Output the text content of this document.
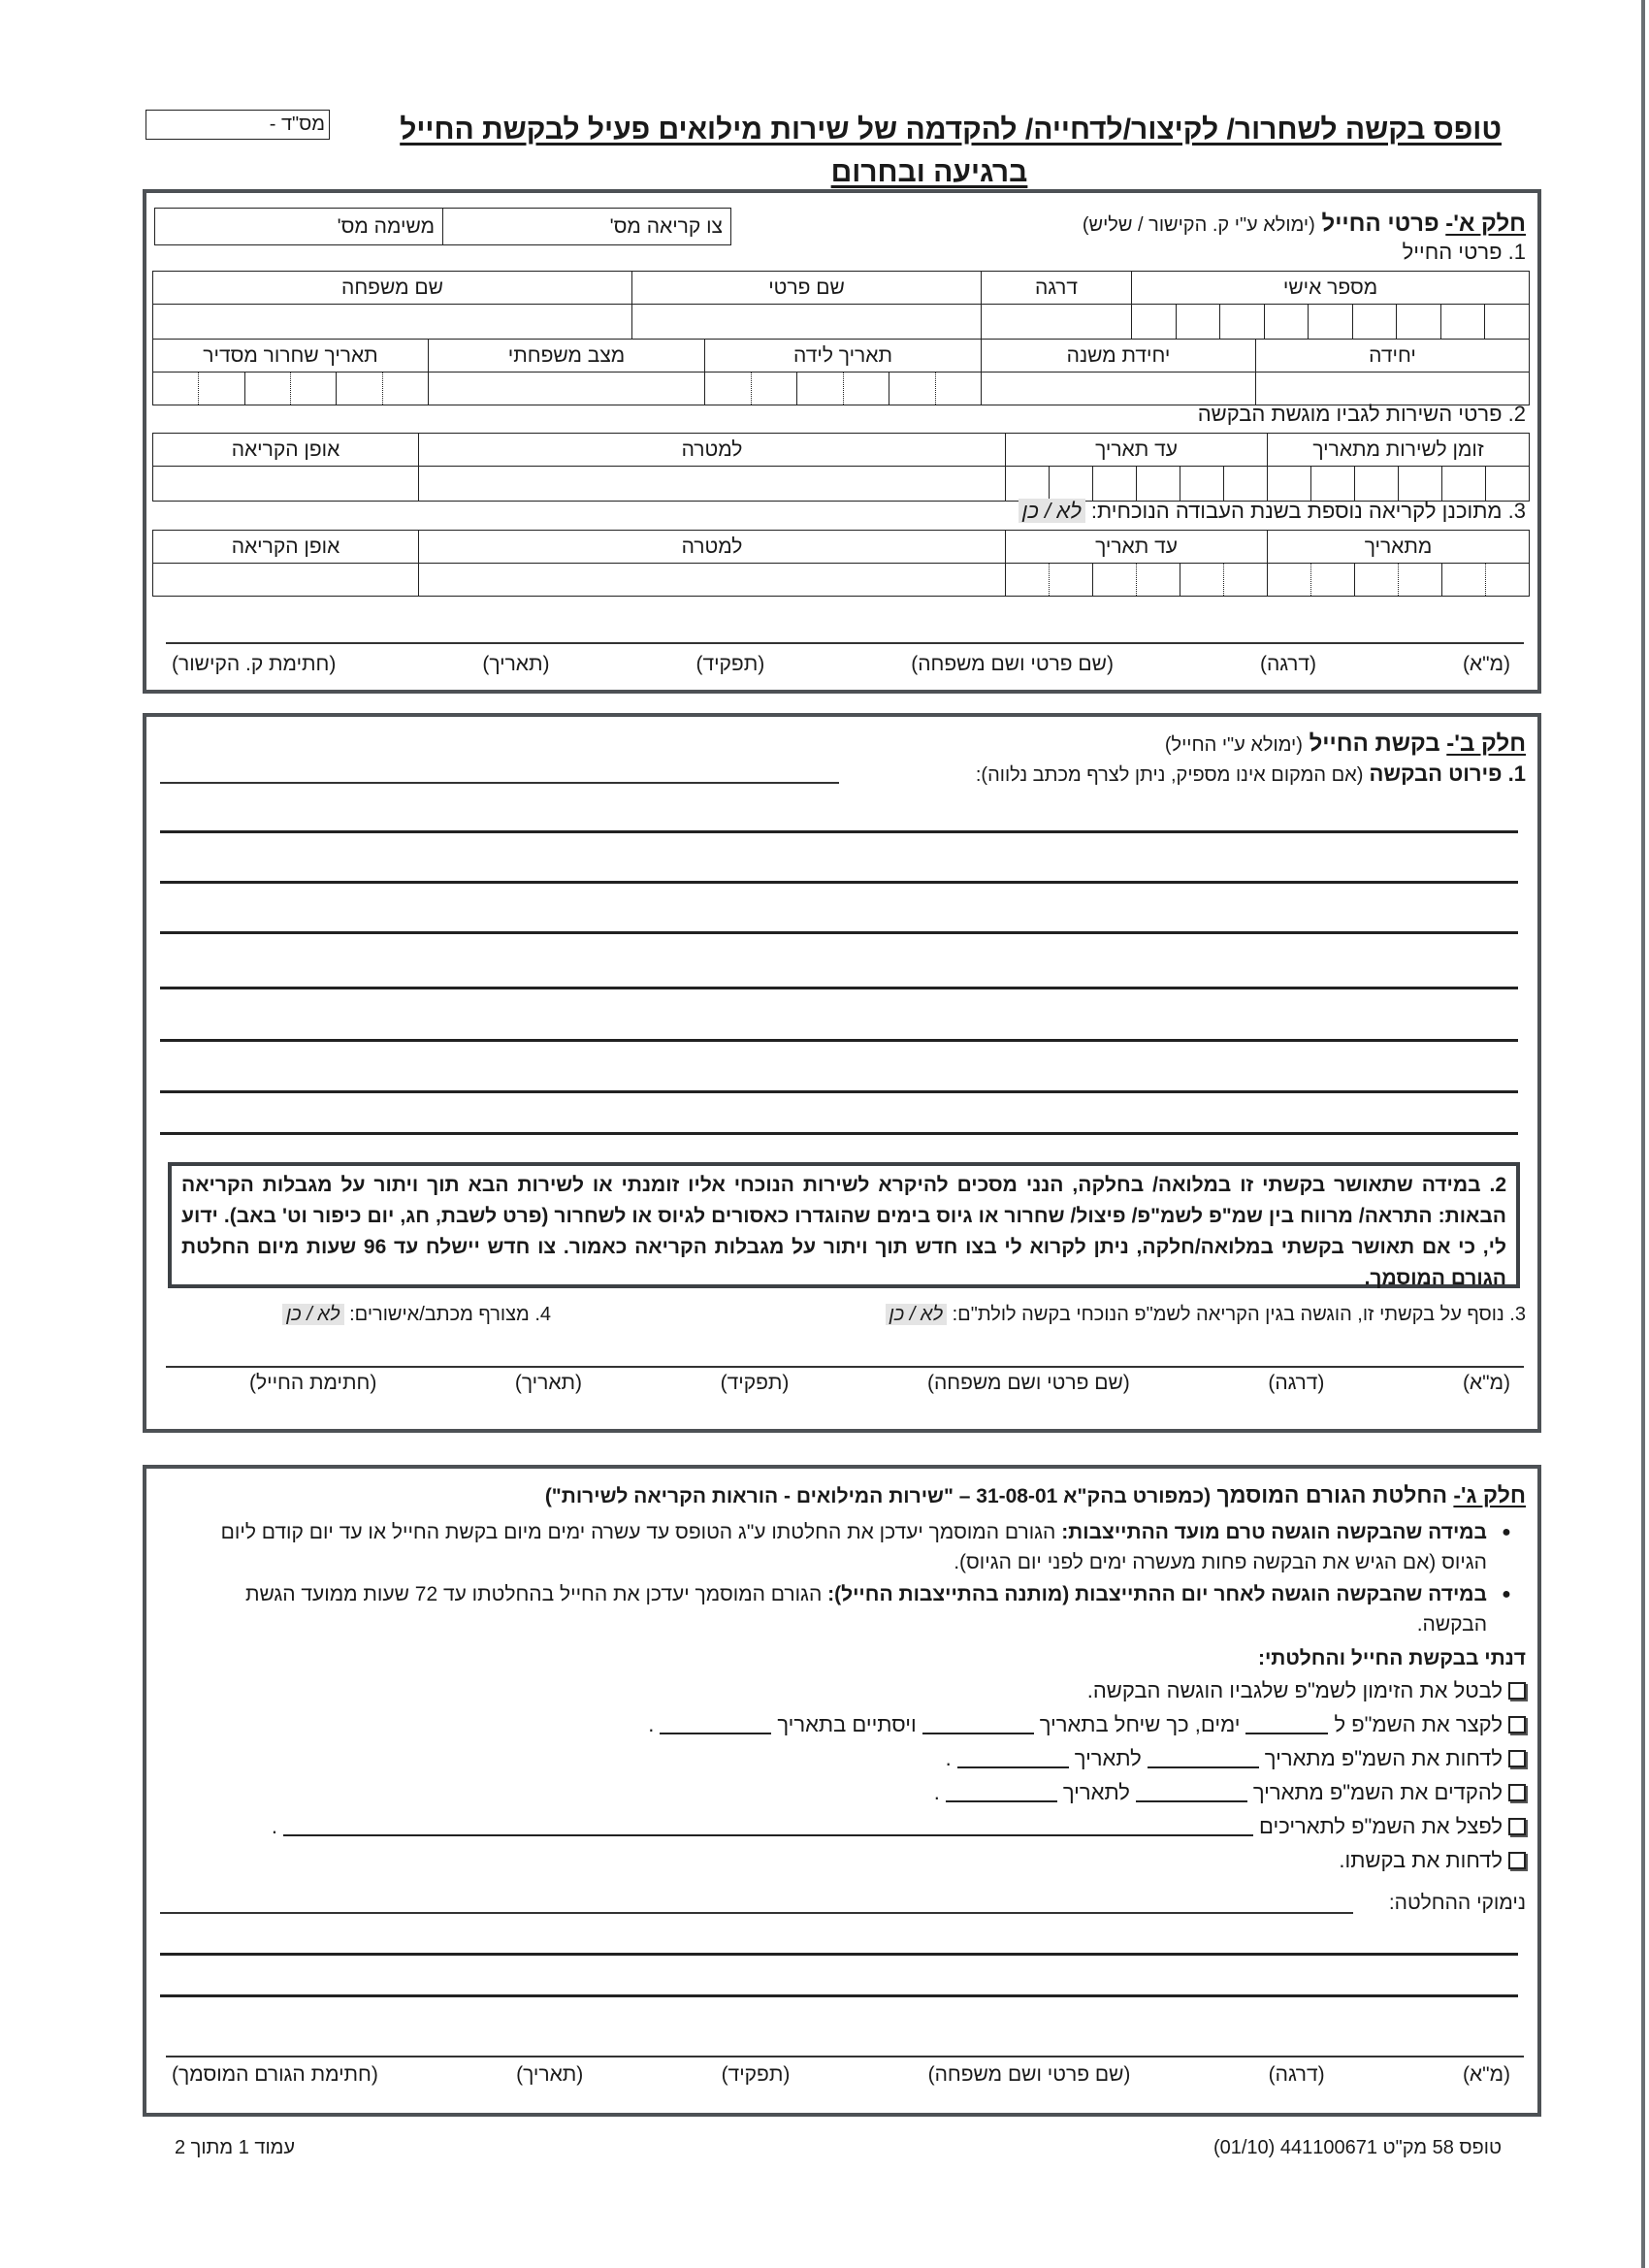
מס"ד -	טופס בקשה לשחרור/ לקיצור/לדחייה/ להקדמה של שירות מילואים פעיל לבקשת החייל
ברגיעה ובחרום
חלק א'- פרטי החייל (ימולא ע"י ק. הקישור / שליש)
צו קריאה מס'	משימה מס'
1. פרטי החייל
מספר אישי	דרגה	שם פרטי	שם משפחה

יחידה	יחידת משנה	תאריך לידה	מצב משפחתי	תאריך שחרור מסדיר

2. פרטי השירות לגביו מוגשת הבקשה
זומן לשירות מתאריך	עד תאריך	למטרה	אופן הקריאה

3. מתוכנן לקריאה נוספת בשנת העבודה הנוכחית: לא / כן
מתאריך	עד תאריך	למטרה	אופן הקריאה

(מ"א)
(דרגה)
(שם פרטי ושם משפחה)
(תפקיד)
(תאריך)
(חתימת ק. הקישור)
חלק ב'- בקשת החייל (ימולא ע"י החייל)
1. פירוט הבקשה (אם המקום אינו מספיק, ניתן לצרף מכתב נלווה):
2. במידה שתאושר בקשתי זו במלואה/ בחלקה, הנני מסכים להיקרא לשירות הנוכחי אליו זומנתי או לשירות הבא תוך ויתור על מגבלות הקריאה הבאות: התראה/ מרווח בין שמ"פ לשמ"פ/ פיצול/ שחרור או גיוס בימים שהוגדרו כאסורים לגיוס או לשחרור (פרט לשבת, חג, יום כיפור וט' באב). ידוע לי, כי אם תאושר בקשתי במלואה/חלקה, ניתן לקרוא לי בצו חדש תוך ויתור על מגבלות הקריאה כאמור. צו חדש יישלח עד 96 שעות מיום החלטת הגורם המוסמך.
3. נוסף על בקשתי זו, הוגשה בגין הקריאה לשמ"פ הנוכחי בקשה לולת"ם: לא / כן
4. מצורף מכתב/אישורים: לא / כן
(מ"א)
(דרגה)
(שם פרטי ושם משפחה)
(תפקיד)
(תאריך)
(חתימת החייל)
חלק ג'- החלטת הגורם המוסמך (כמפורט בהק"א 31-08-01 – "שירות המילואים - הוראות הקריאה לשירות")
●
במידה שהבקשה הוגשה טרם מועד ההתייצבות: הגורם המוסמך יעדכן את החלטתו ע"ג הטופס עד עשרה ימים מיום בקשת החייל או עד יום קודם ליום הגיוס (אם הגיש את הבקשה פחות מעשרה ימים לפני יום הגיוס).
●
במידה שהבקשה הוגשה לאחר יום ההתייצבות (מותנה בהתייצבות החייל): הגורם המוסמך יעדכן את החייל בהחלטתו עד 72 שעות ממועד הגשת הבקשה.
דנתי בבקשת החייל והחלטתי:
לבטל את הזימון לשמ"פ שלגביו הוגשה הבקשה.
לקצר את השמ"פ ל
ימים, כך שיחל בתאריך
ויסתיים בתאריך
.
לדחות את השמ"פ מתאריך
לתאריך
.
להקדים את השמ"פ מתאריך
לתאריך
.
לפצל את השמ"פ לתאריכים
.
לדחות את בקשתו.
נימוקי ההחלטה:
(מ"א)
(דרגה)
(שם פרטי ושם משפחה)
(תפקיד)
(תאריך)
(חתימת הגורם המוסמך)
טופס 58 מק"ט 441100671 (01/10)
עמוד 1 מתוך 2
